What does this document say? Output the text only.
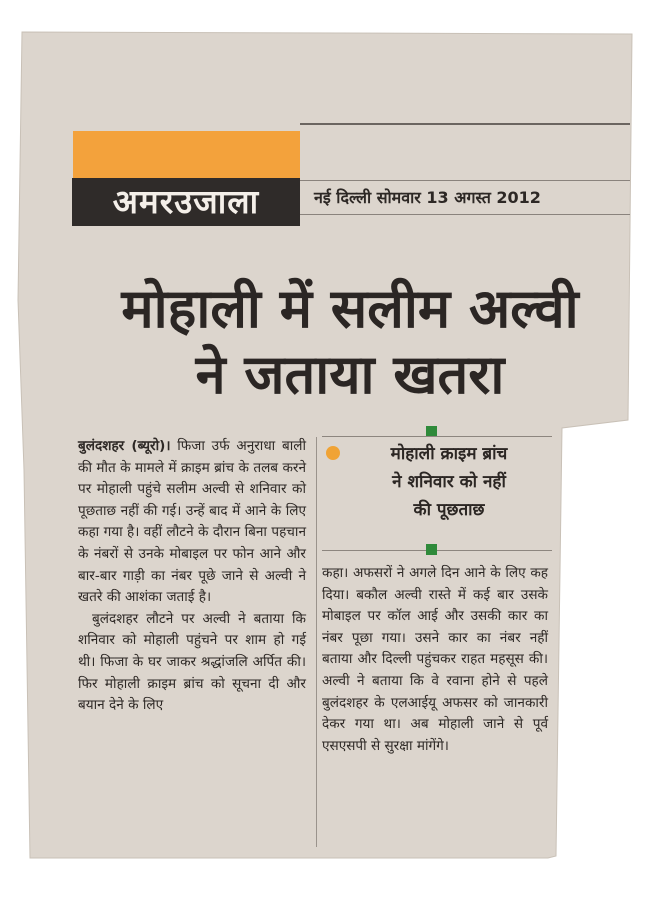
अमरउजाला	नई दिल्ली सोमवार 13 अगस्त 2012
मोहाली में सलीम अल्वी
ने जताया खतरा

बुलंदशहर (ब्यूरो)। फिजा उर्फ अनुराधा बाली की मौत के मामले में क्राइम ब्रांच के तलब करने पर मोहाली पहुंचे सलीम अल्वी से शनिवार को पूछताछ नहीं की गई। उन्हें बाद में आने के लिए कहा गया है। वहीं लौटने के दौरान बिना पहचान के नंबरों से उनके मोबाइल पर फोन आने और बार-बार गाड़ी का नंबर पूछे जाने से अल्वी ने खतरे की आशंका जताई है।

बुलंदशहर लौटने पर अल्वी ने बताया कि शनिवार को मोहाली पहुंचने पर शाम हो गई थी। फिजा के घर जाकर श्रद्धांजलि अर्पित की। फिर मोहाली क्राइम ब्रांच को सूचना दी और बयान देने के लिए

मोहाली क्राइम ब्रांच
ने शनिवार को नहीं
की पूछताछ

कहा। अफसरों ने अगले दिन आने के लिए कह दिया। बकौल अल्वी रास्ते में कई बार उसके मोबाइल पर कॉल आई और उसकी कार का नंबर पूछा गया। उसने कार का नंबर नहीं बताया और दिल्ली पहुंचकर राहत महसूस की। अल्वी ने बताया कि वे रवाना होने से पहले बुलंदशहर के एलआईयू अफसर को जानकारी देकर गया था। अब मोहाली जाने से पूर्व एसएसपी से सुरक्षा मांगेंगे।
